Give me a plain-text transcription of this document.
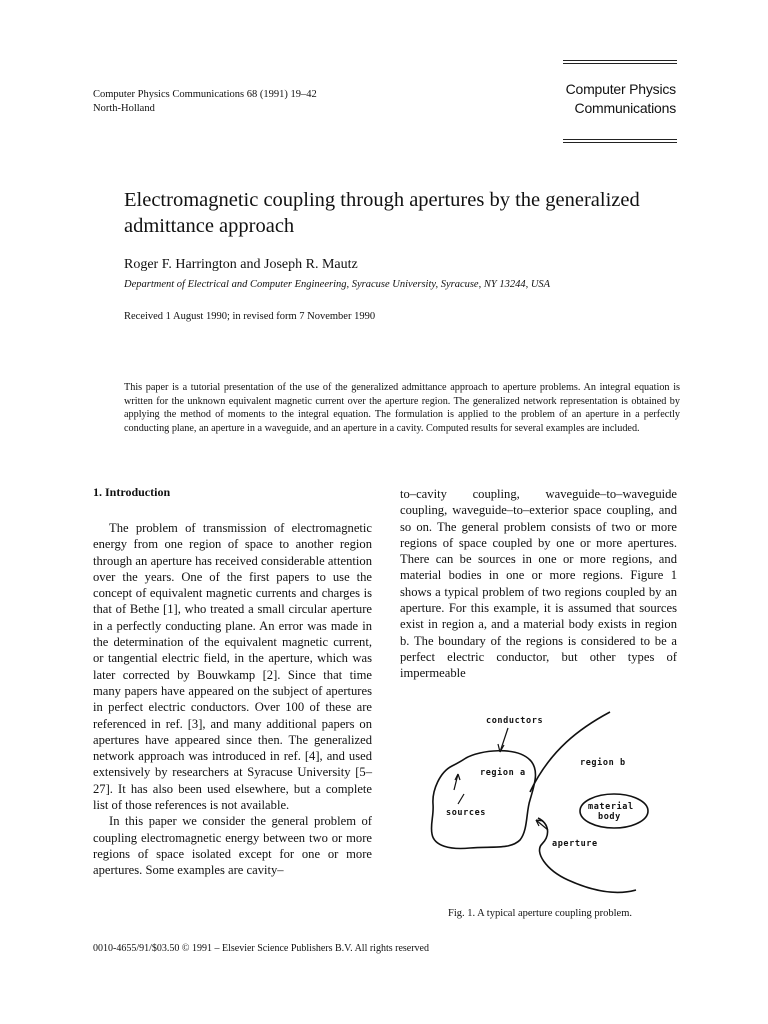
Computer Physics Communications 68 (1991) 19–42
North-Holland
Computer Physics
Communications
Electromagnetic coupling through apertures by the generalized admittance approach
Roger F. Harrington and Joseph R. Mautz
Department of Electrical and Computer Engineering, Syracuse University, Syracuse, NY 13244, USA
Received 1 August 1990; in revised form 7 November 1990
This paper is a tutorial presentation of the use of the generalized admittance approach to aperture problems. An integral equation is written for the unknown equivalent magnetic current over the aperture region. The generalized network representation is obtained by applying the method of moments to the integral equation. The formulation is applied to the problem of an aperture in a perfectly conducting plane, an aperture in a waveguide, and an aperture in a cavity. Computed results for several examples are included.
1. Introduction

The problem of transmission of electromagnetic energy from one region of space to another region through an aperture has received considerable attention over the years. One of the first papers to use the concept of equivalent magnetic currents and charges is that of Bethe [1], who treated a small circular aperture in a perfectly conducting plane. An error was made in the determination of the equivalent magnetic current, or tangential electric field, in the aperture, which was later corrected by Bouwkamp [2]. Since that time many papers have appeared on the subject of apertures in perfect electric conductors. Over 100 of these are referenced in ref. [3], and many additional papers on apertures have appeared since then. The generalized network approach was introduced in ref. [4], and used extensively by researchers at Syracuse University [5–27]. It has also been used elsewhere, but a complete list of those references is not available.

In this paper we consider the general problem of coupling electromagnetic energy between two or more regions of space isolated except for one or more apertures. Some examples are cavity–

to–cavity coupling, waveguide–to–waveguide coupling, waveguide–to–exterior space coupling, and so on. The general problem consists of two or more regions of space coupled by one or more apertures. There can be sources in one or more regions, and material bodies in one or more regions. Figure 1 shows a typical problem of two regions coupled by an aperture. For this example, it is assumed that sources exist in region a, and a material body exists in region b. The boundary of the regions is considered to be a perfect electric conductor, but other types of impermeable

conductors
region a
region b
sources
material
body
aperture
Fig. 1. A typical aperture coupling problem.
0010-4655/91/$03.50 © 1991 – Elsevier Science Publishers B.V. All rights reserved
